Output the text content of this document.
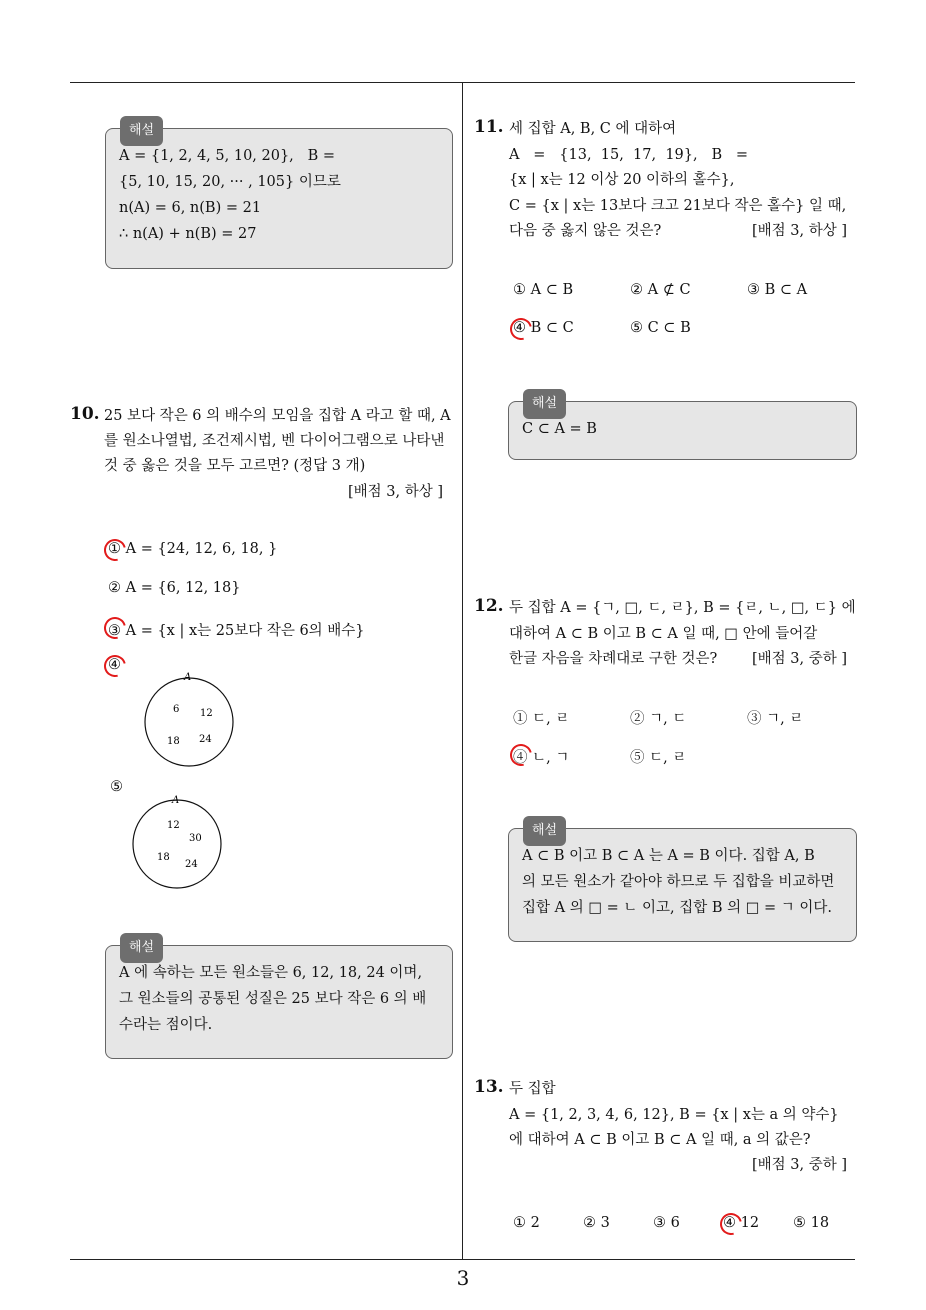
3
해설
A = {1, 2, 4, 5, 10, 20},   B =
{5, 10, 15, 20, ··· , 105} 이므로
n(A) = 6, n(B) = 21
∴ n(A) + n(B) = 27
10. 25 보다 작은 6 의 배수의 모임을 집합 A 라고 할 때, A
를 원소나열법, 조건제시법, 벤 다이어그램으로 나타낸
것 중 옳은 것을 모두 고르면? (정답 3 개)
[배점 3, 하상 ]
① A = {24, 12, 6, 18, }
② A = {6, 12, 18}
③ A = {x | x는 25보다 작은 6의 배수}
④
A
6 12
18 24
⑤
A
12
30
18
24
해설
A 에 속하는 모든 원소들은 6, 12, 18, 24 이며,
그 원소들의 공통된 성질은 25 보다 작은 6 의 배
수라는 점이다.
11. 세 집합 A, B, C 에 대하여
A   =   {13,  15,  17,  19},   B   =
{x | x는 12 이상 20 이하의 홀수},
C = {x | x는 13보다 크고 21보다 작은 홀수} 일 때,
다음 중 옳지 않은 것은?	[배점 3, 하상 ]
① A ⊂ B	② A ⊄ C	③ B ⊂ A
④ B ⊂ C	⑤ C ⊂ B
해설
C ⊂ A = B
12. 두 집합 A = {ㄱ, □, ㄷ, ㄹ}, B = {ㄹ, ㄴ, □, ㄷ} 에
대하여 A ⊂ B 이고 B ⊂ A 일 때, □ 안에 들어갈
한글 자음을 차례대로 구한 것은? [배점 3, 중하 ]
① ㄷ, ㄹ	② ㄱ, ㄷ	③ ㄱ, ㄹ
④ ㄴ, ㄱ	⑤ ㄷ, ㄹ
해설
A ⊂ B 이고 B ⊂ A 는 A = B 이다. 집합 A, B
의 모든 원소가 같아야 하므로 두 집합을 비교하면
집합 A 의 □ = ㄴ 이고, 집합 B 의 □ = ㄱ 이다.
13. 두 집합
A = {1, 2, 3, 4, 6, 12}, B = {x | x는 a 의 약수}
에 대하여 A ⊂ B 이고 B ⊂ A 일 때, a 의 값은?
[배점 3, 중하 ]
① 2	② 3	③ 6	④ 12 ⑤ 18
